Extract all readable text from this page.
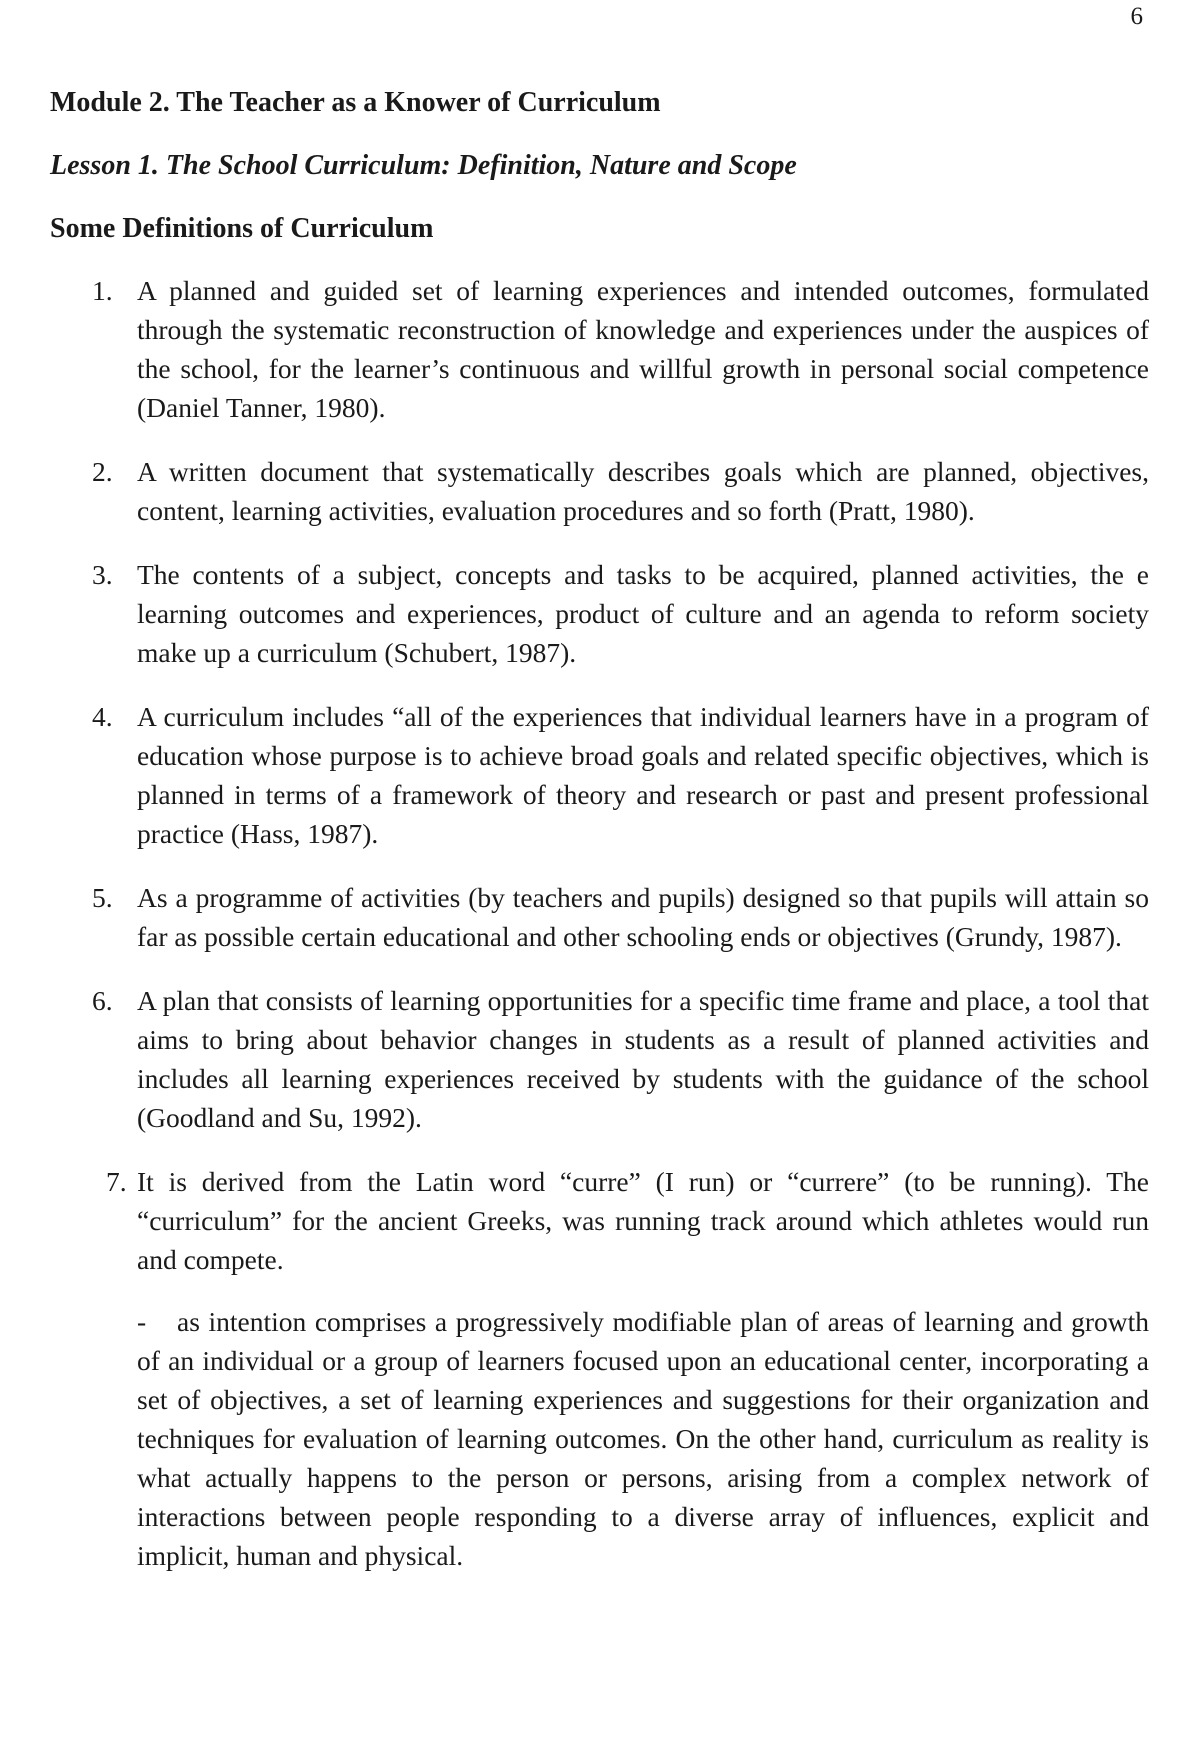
6
Module 2. The Teacher as a Knower of Curriculum
Lesson 1. The School Curriculum: Definition, Nature and Scope
Some Definitions of Curriculum
1. A planned and guided set of learning experiences and intended outcomes, formulated through the systematic reconstruction of knowledge and experiences under the auspices of the school, for the learner’s continuous and willful growth in personal social competence (Daniel Tanner, 1980).
2. A written document that systematically describes goals which are planned, objectives, content, learning activities, evaluation procedures and so forth (Pratt, 1980).
3. The contents of a subject, concepts and tasks to be acquired, planned activities, the e learning outcomes and experiences, product of culture and an agenda to reform society make up a curriculum (Schubert, 1987).
4. A curriculum includes “all of the experiences that individual learners have in a program of education whose purpose is to achieve broad goals and related specific objectives, which is planned in terms of a framework of theory and research or past and present professional practice (Hass, 1987).
5. As a programme of activities (by teachers and pupils) designed so that pupils will attain so far as possible certain educational and other schooling ends or objectives (Grundy, 1987).
6. A plan that consists of learning opportunities for a specific time frame and place, a tool that aims to bring about behavior changes in students as a result of planned activities and includes all learning experiences received by students with the guidance of the school (Goodland and Su, 1992).
7. It is derived from the Latin word “curre” (I run) or “currere” (to be running). The “curriculum” for the ancient Greeks, was running track around which athletes would run and compete.
- as intention comprises a progressively modifiable plan of areas of learning and growth of an individual or a group of learners focused upon an educational center, incorporating a set of objectives, a set of learning experiences and suggestions for their organization and techniques for evaluation of learning outcomes. On the other hand, curriculum as reality is what actually happens to the person or persons, arising from a complex network of interactions between people responding to a diverse array of influences, explicit and implicit, human and physical.
